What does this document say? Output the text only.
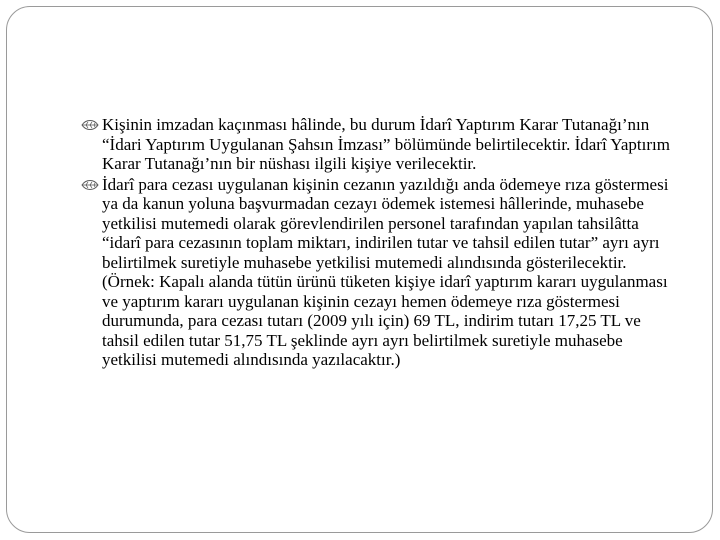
Kişinin imzadan kaçınması hâlinde, bu durum İdarî Yaptırım Karar Tutanağı’nın “İdari Yaptırım Uygulanan Şahsın İmzası” bölümünde belirtilecektir. İdarî Yaptırım Karar Tutanağı’nın bir nüshası ilgili kişiye verilecektir.
İdarî para cezası uygulanan kişinin cezanın yazıldığı anda ödemeye rıza göstermesi ya da kanun yoluna başvurmadan cezayı ödemek istemesi hâllerinde, muhasebe yetkilisi mutemedi olarak görevlendirilen personel tarafından yapılan tahsilâtta “idarî para cezasının toplam miktarı, indirilen tutar ve tahsil edilen tutar” ayrı ayrı belirtilmek suretiyle muhasebe yetkilisi mutemedi alındısında gösterilecektir. (Örnek: Kapalı alanda tütün ürünü tüketen kişiye idarî yaptırım kararı uygulanması ve yaptırım kararı uygulanan kişinin cezayı hemen ödemeye rıza göstermesi durumunda, para cezası tutarı (2009 yılı için) 69 TL, indirim tutarı 17,25 TL ve tahsil edilen tutar 51,75 TL şeklinde ayrı ayrı belirtilmek suretiyle muhasebe yetkilisi mutemedi alındısında yazılacaktır.)
